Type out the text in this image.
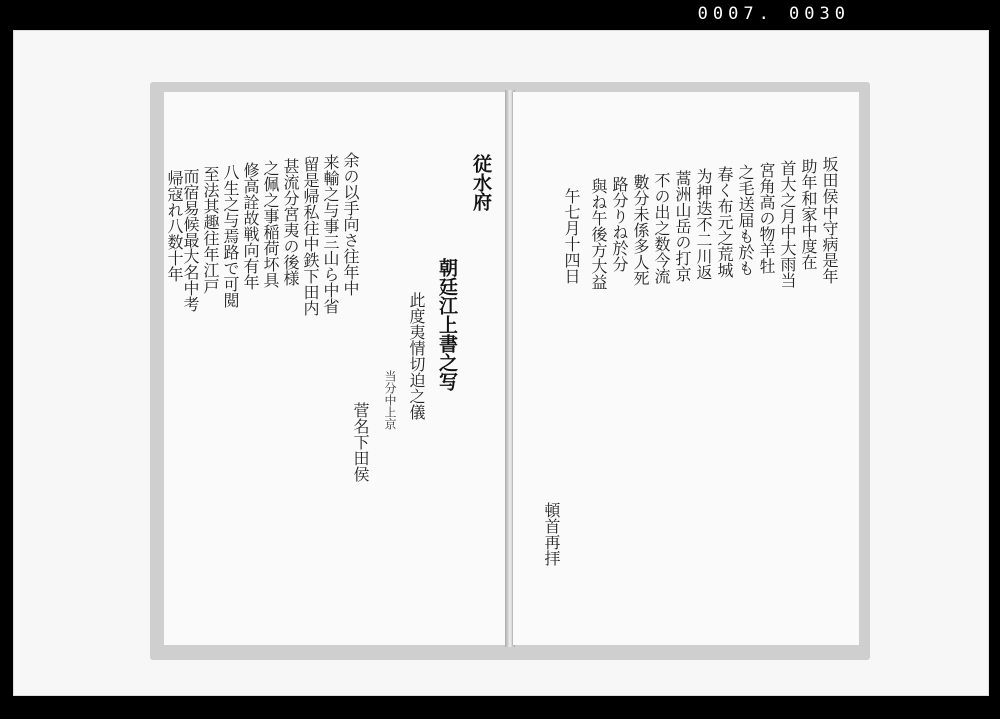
0007. 0030
従水府
朝廷江上書之写
此度夷情切迫之儀
当分中上京
菅名下田侯
余の以手向さ往年中
来輸之与事三山ら中省
留是帰私往中鉄下田内
甚流分宮夷の後様
之佩之事稲荷坏具
修高詮故戦向有年
八生之与焉路で可閲
至法其趣往年江戸
而宿易候最大名中考
帰寇れ八数十年	坂田侯中守病是年
助年和家中度在
首大之月中大雨当
宮角高の物羊牡
之毛送届も於も
春く布元之荒城
为押迭不二川返
蒿洲山岳の打京
不の出之数今流
數分未係多人死
路分りね於分
與ね午後方大益
午七月十四日
頓首再拝
